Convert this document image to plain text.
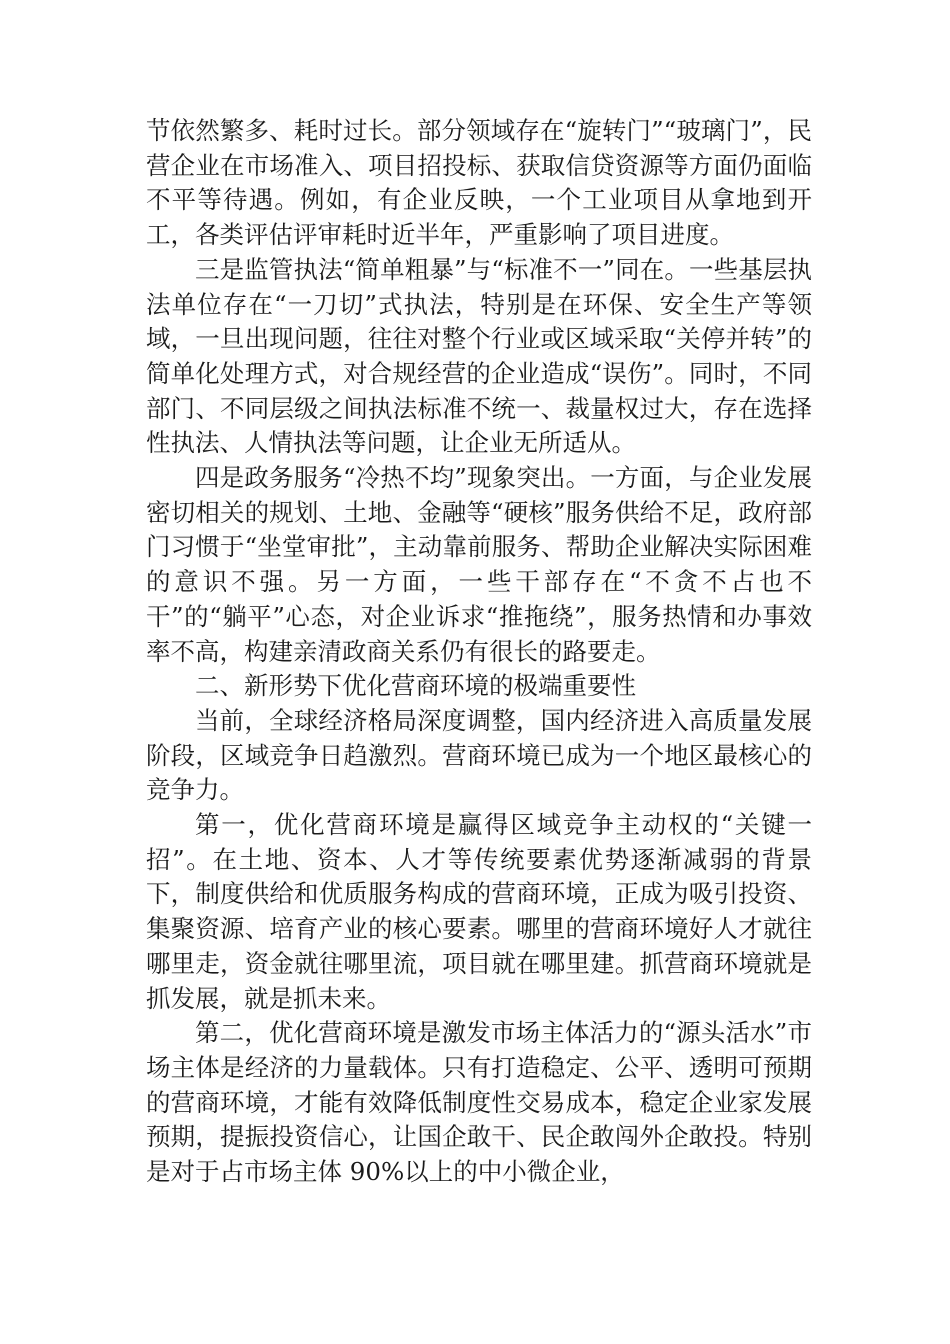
节依然繁多、耗时过长。部分领域存在“旋转门”“玻璃门”，民营企业在市场准入、项目招投标、获取信贷资源等方面仍面临不平等待遇。例如，有企业反映，一个工业项目从拿地到开工，各类评估评审耗时近半年，严重影响了项目进度。

三是监管执法“简单粗暴”与“标准不一”同在。一些基层执法单位存在“一刀切”式执法，特别是在环保、安全生产等领域，一旦出现问题，往往对整个行业或区域采取“关停并转”的简单化处理方式，对合规经营的企业造成“误伤”。同时，不同部门、不同层级之间执法标准不统一、裁量权过大，存在选择性执法、人情执法等问题，让企业无所适从。

四是政务服务“冷热不均”现象突出。一方面，与企业发展密切相关的规划、土地、金融等“硬核”服务供给不足，政府部门习惯于“坐堂审批”，主动靠前服务、帮助企业解决实际困难的意识不强。另一方面，一些干部存在“不贪不占也不干”的“躺平”心态，对企业诉求“推拖绕”，服务热情和办事效率不高，构建亲清政商关系仍有很长的路要走。

二、新形势下优化营商环境的极端重要性

当前，全球经济格局深度调整，国内经济进入高质量发展阶段，区域竞争日趋激烈。营商环境已成为一个地区最核心的竞争力。

第一，优化营商环境是赢得区域竞争主动权的“关键一招”。在土地、资本、人才等传统要素优势逐渐减弱的背景下，制度供给和优质服务构成的营商环境，正成为吸引投资、集聚资源、培育产业的核心要素。哪里的营商环境好人才就往哪里走，资金就往哪里流，项目就在哪里建。抓营商环境就是抓发展，就是抓未来。

第二，优化营商环境是激发市场主体活力的“源头活水”市场主体是经济的力量载体。只有打造稳定、公平、透明可预期的营商环境，才能有效降低制度性交易成本，稳定企业家发展预期，提振投资信心，让国企敢干、民企敢闯外企敢投。特别是对于占市场主体 90%以上的中小微企业，
